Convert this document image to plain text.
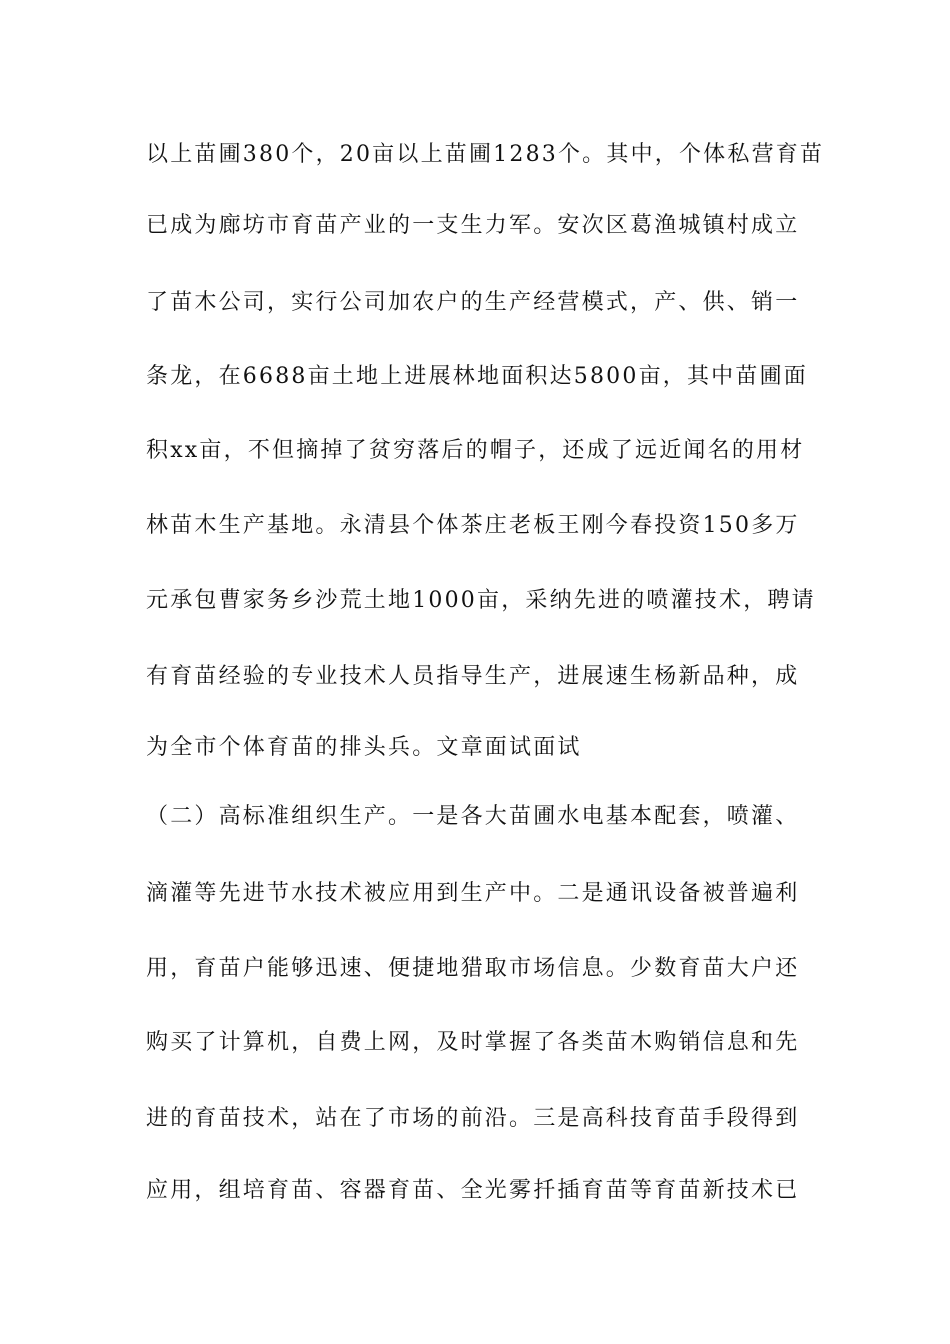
以上苗圃380个，20亩以上苗圃1283个。其中，个体私营育苗
已成为廊坊市育苗产业的一支生力军。安次区葛渔城镇村成立
了苗木公司，实行公司加农户的生产经营模式，产、供、销一
条龙，在6688亩土地上进展林地面积达5800亩，其中苗圃面
积xx亩，不但摘掉了贫穷落后的帽子，还成了远近闻名的用材
林苗木生产基地。永清县个体茶庄老板王刚今春投资150多万
元承包曹家务乡沙荒土地1000亩，采纳先进的喷灌技术，聘请
有育苗经验的专业技术人员指导生产，进展速生杨新品种，成
为全市个体育苗的排头兵。文章面试面试
（二）高标准组织生产。一是各大苗圃水电基本配套，喷灌、
滴灌等先进节水技术被应用到生产中。二是通讯设备被普遍利
用，育苗户能够迅速、便捷地猎取市场信息。少数育苗大户还
购买了计算机，自费上网，及时掌握了各类苗木购销信息和先
进的育苗技术，站在了市场的前沿。三是高科技育苗手段得到
应用，组培育苗、容器育苗、全光雾扦插育苗等育苗新技术已
